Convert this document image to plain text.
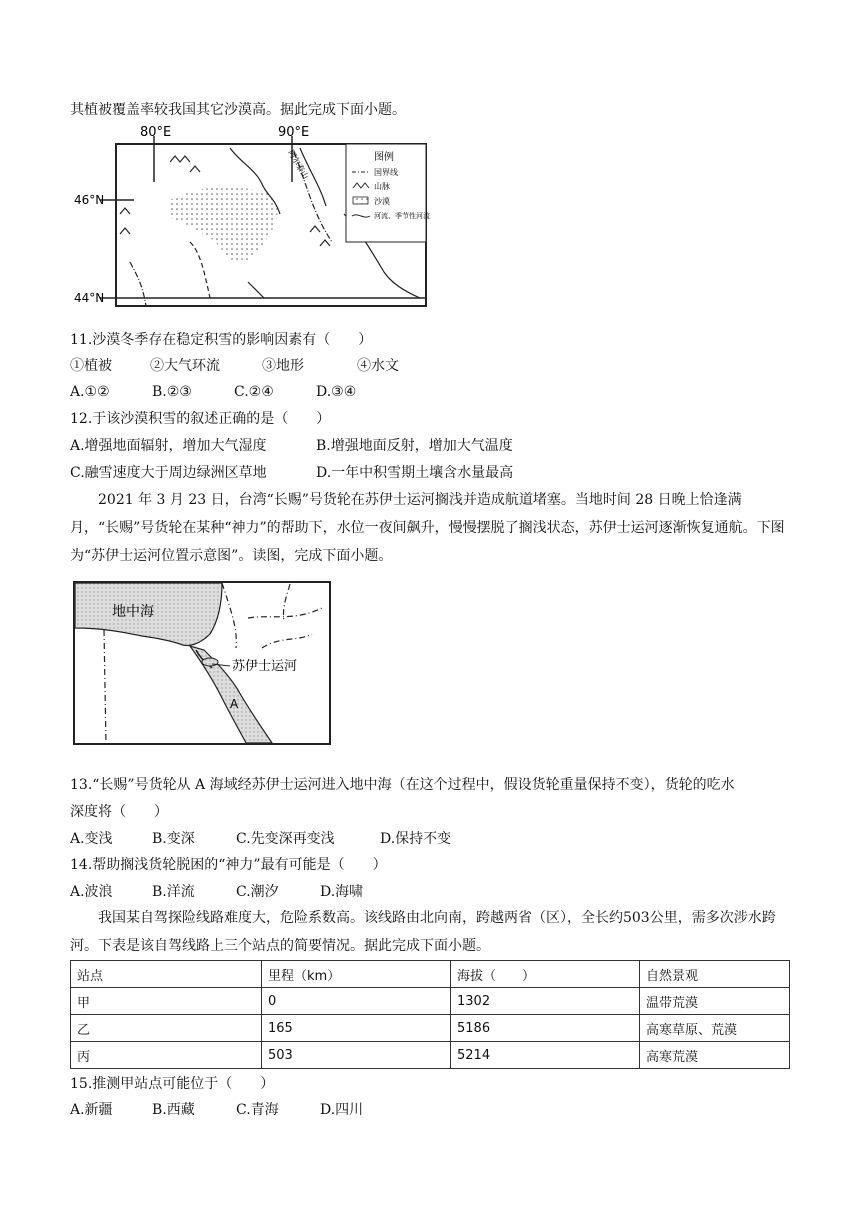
其植被覆盖率较我国其它沙漠高。据此完成下面小题。
80°E	90°E
46°N
44°N
阿尔泰山	图例
国界线
山脉
沙漠
河流、季节性河流
11.沙漠冬季存在稳定积雪的影响因素有（　　）
①植被	②大气环流	③地形	④水文
A.①②	B.②③	C.②④	D.③④
12.于该沙漠积雪的叙述正确的是（　　）
A.增强地面辐射，增加大气湿度	B.增强地面反射，增加大气温度
C.融雪速度大于周边绿洲区草地	D.一年中积雪期土壤含水量最高
2021 年 3 月 23 日，台湾“长赐”号货轮在苏伊士运河搁浅并造成航道堵塞。当地时间 28 日晚上恰逢满月，“长赐”号货轮在某种“神力”的帮助下，水位一夜间飙升，慢慢摆脱了搁浅状态，苏伊士运河逐渐恢复通航。下图为“苏伊士运河位置示意图”。读图，完成下面小题。
地中海
苏伊士运河
A
13.“长赐”号货轮从 A 海域经苏伊士运河进入地中海（在这个过程中，假设货轮重量保持不变），货轮的吃水
深度将（　　）
A.变浅	B.变深	C.先变深再变浅	D.保持不变
14.帮助搁浅货轮脱困的“神力”最有可能是（　　）
A.波浪	B.洋流	C.潮汐	D.海啸
我国某自驾探险线路难度大，危险系数高。该线路由北向南，跨越两省（区），全长约503公里，需多次涉水跨河。下表是该自驾线路上三个站点的简要情况。据此完成下面小题。
站点	里程（km）	海拔（　　）	自然景观
甲	0	1302	温带荒漠
乙	165	5186	高寒草原、荒漠
丙	503	5214	高寒荒漠
15.推测甲站点可能位于（　　）
A.新疆	B.西藏	C.青海	D.四川
